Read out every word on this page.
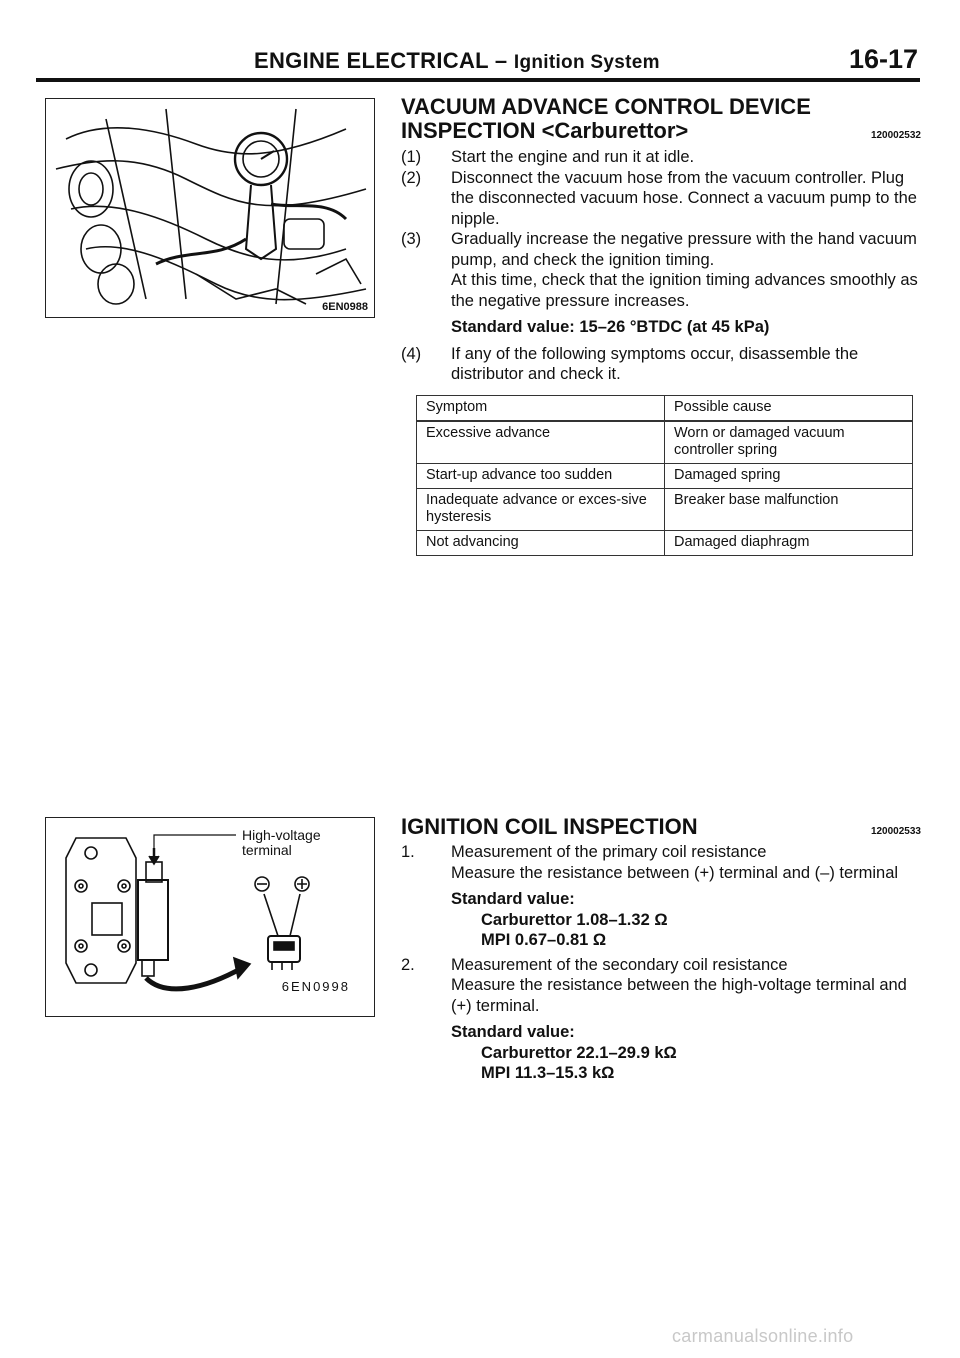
ENGINE ELECTRICAL – Ignition System	16-17
6EN0988
VACUUM ADVANCE CONTROL DEVICE
INSPECTION <Carburettor>	120002532
(1)	Start the engine and run it at idle.
(2)	Disconnect the vacuum hose from the vacuum controller. Plug the disconnected vacuum hose. Connect a vacuum pump to the nipple.
(3)	Gradually increase the negative pressure with the hand vacuum pump, and check the ignition timing.
At this time, check that the ignition timing advances smoothly as the negative pressure increases.
Standard value: 15–26 °BTDC (at 45 kPa)
(4)	If any of the following symptoms occur, disassemble the distributor and check it.
Symptom	Possible cause
Excessive advance	Worn or damaged vacuum controller spring
Start-up advance too sudden	Damaged spring
Inadequate advance or exces-sive hysteresis	Breaker base malfunction
Not advancing	Damaged diaphragm
High-voltage
terminal
6EN0998
IGNITION COIL INSPECTION	120002533
1.	Measurement of the primary coil resistance
Measure the resistance between (+) terminal and (–) terminal
Standard value:
Carburettor 1.08–1.32 Ω
MPI 0.67–0.81 Ω
2.	Measurement of the secondary coil resistance
Measure the resistance between the high-voltage terminal and (+) terminal.
Standard value:
Carburettor 22.1–29.9 kΩ
MPI 11.3–15.3 kΩ
carmanualsonline.info
